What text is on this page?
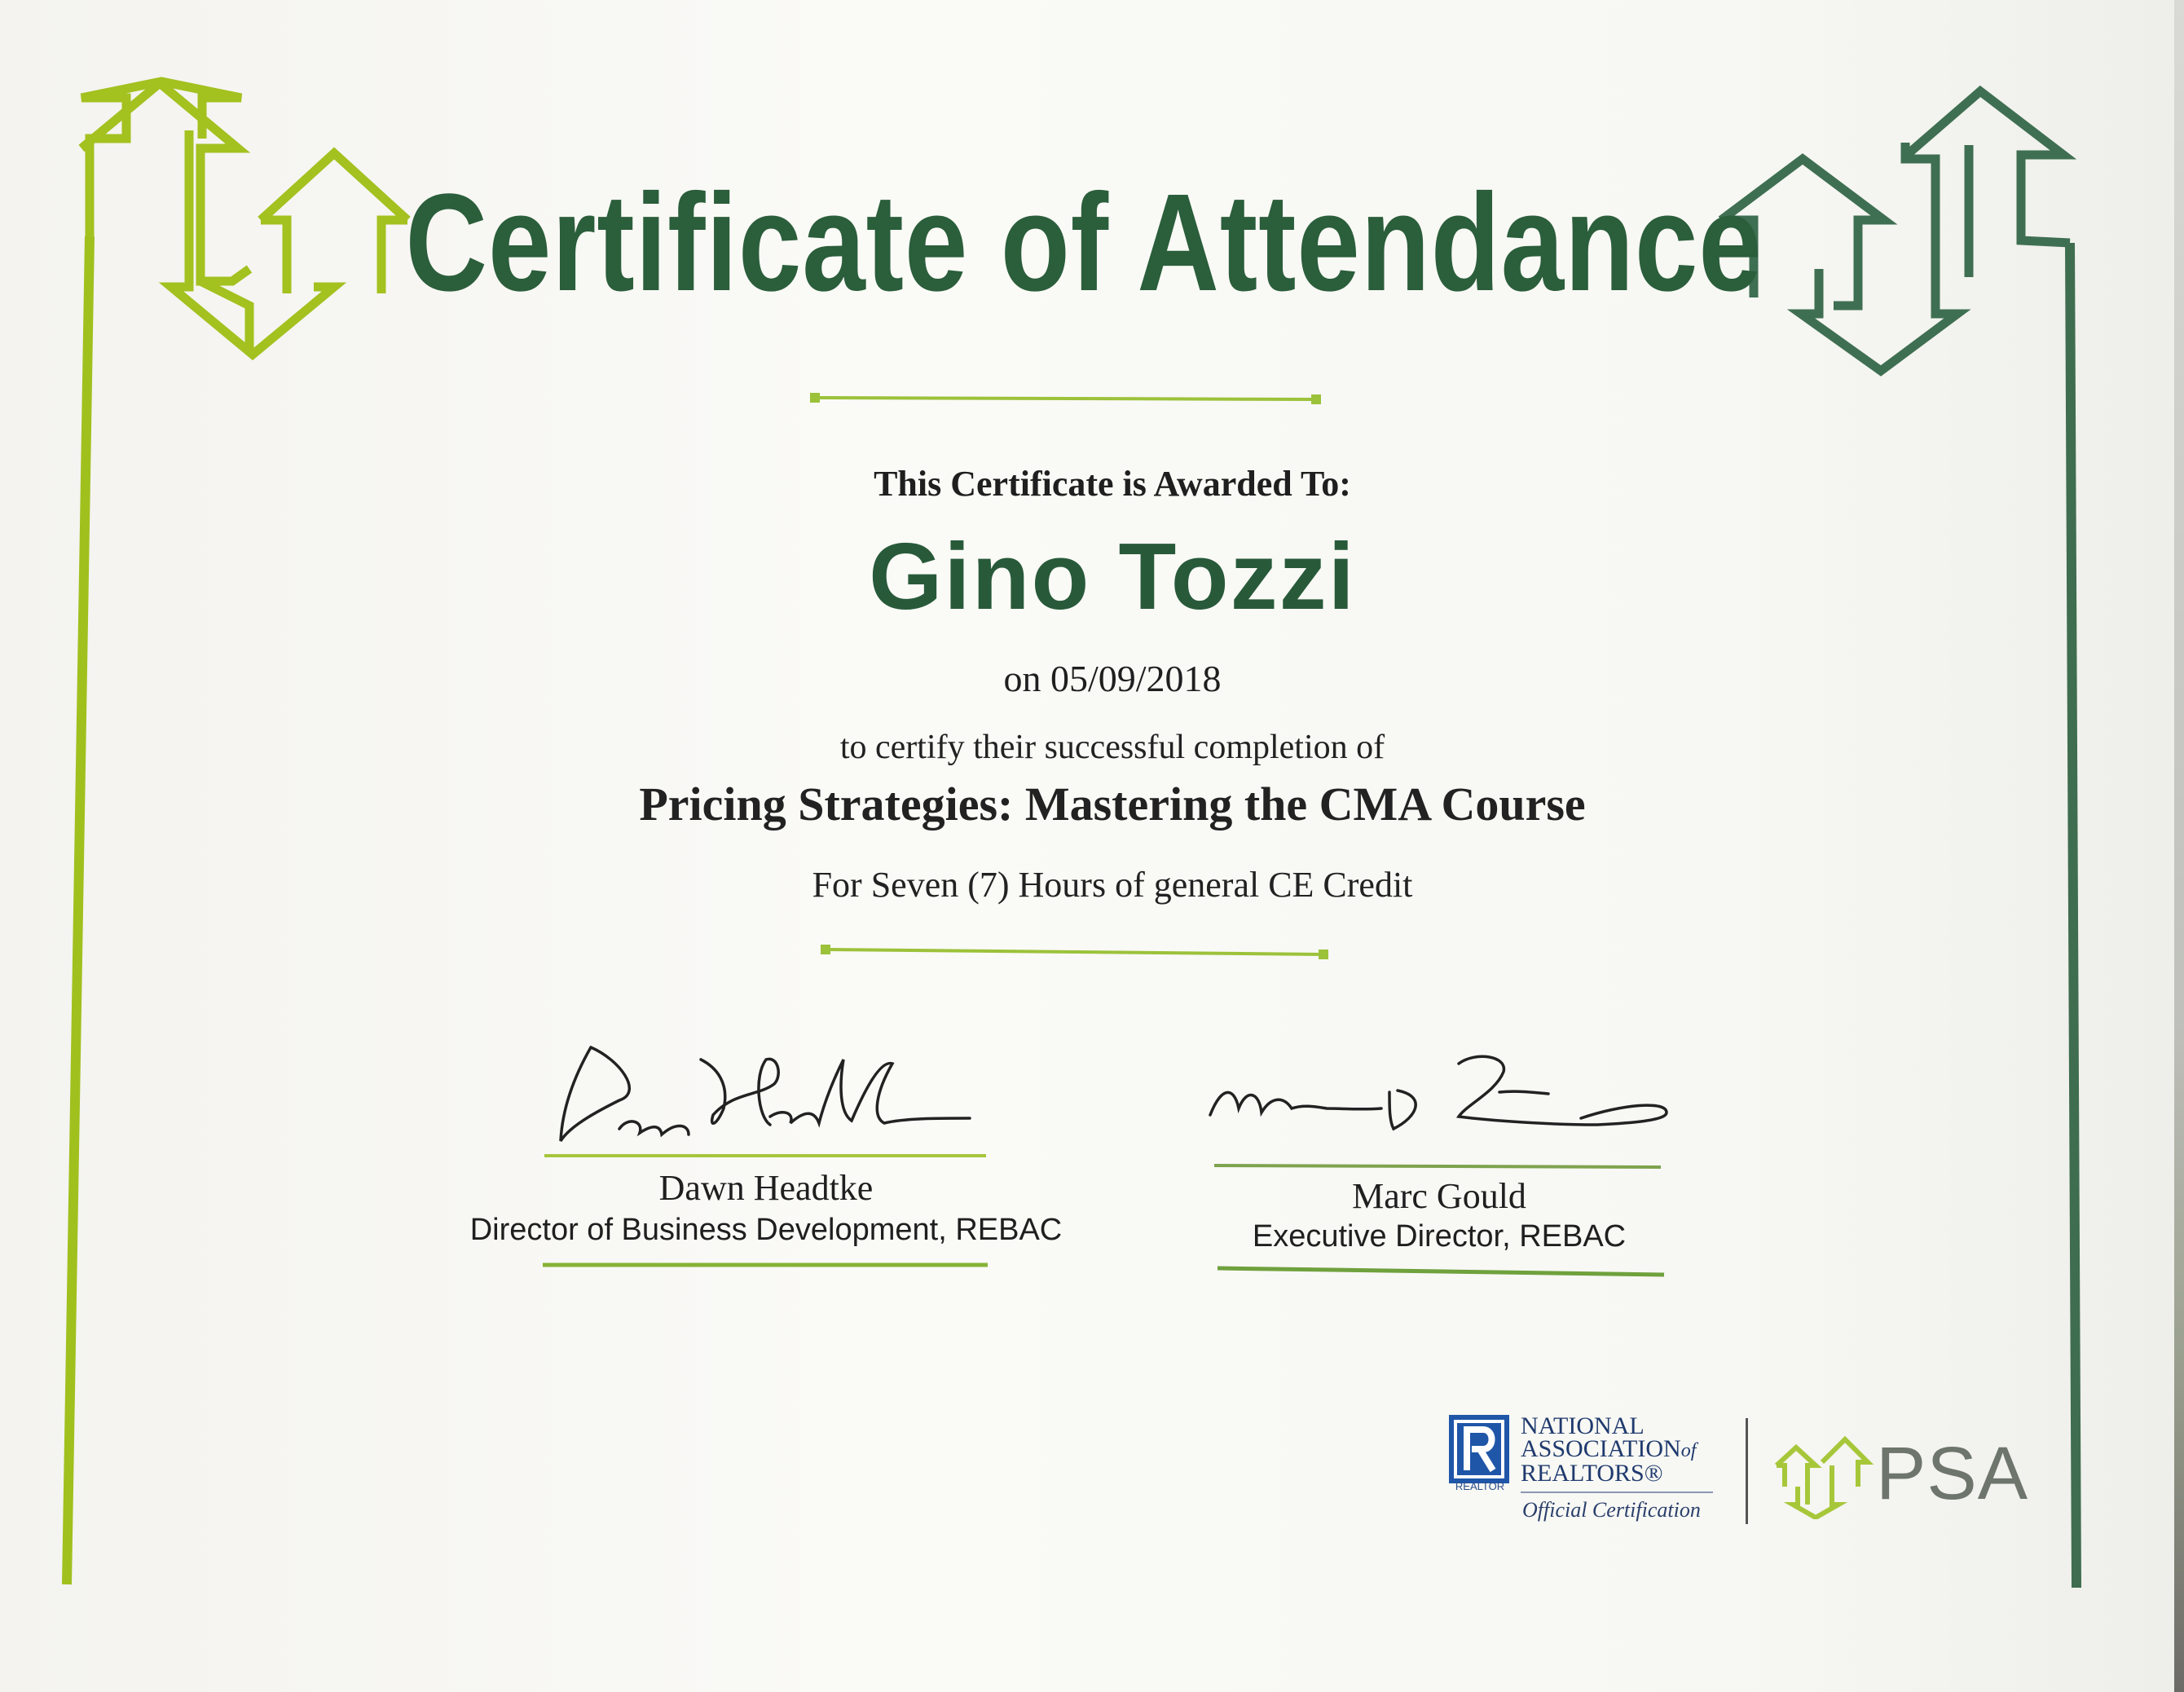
Certificate of Attendance

This Certificate is Awarded To:

Gino Tozzi

on 05/09/2018

to certify their successful completion of

Pricing Strategies: Mastering the CMA Course

For Seven (7) Hours of general CE Credit

Dawn Headtke
Director of Business Development, REBAC
Marc Gould
Executive Director, REBAC
REALTOR
NATIONAL
ASSOCIATIONof
REALTORS®
Official Certification PSA
